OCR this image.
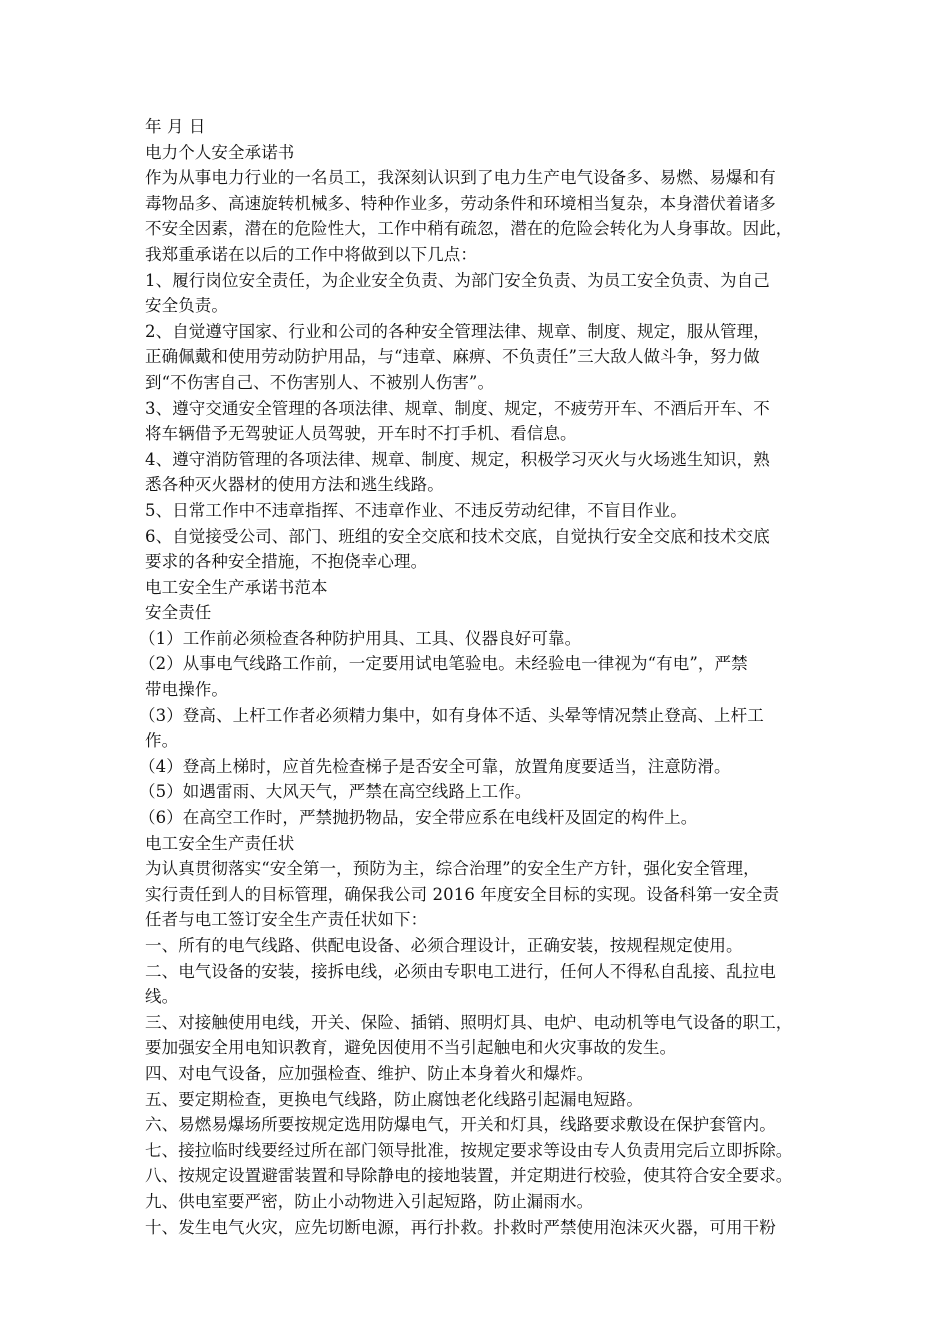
年 月 日
电力个人安全承诺书
作为从事电力行业的一名员工，我深刻认识到了电力生产电气设备多、易燃、易爆和有
毒物品多、高速旋转机械多、特种作业多，劳动条件和环境相当复杂，本身潜伏着诸多
不安全因素，潜在的危险性大，工作中稍有疏忽，潜在的危险会转化为人身事故。因此，
我郑重承诺在以后的工作中将做到以下几点：
1、履行岗位安全责任，为企业安全负责、为部门安全负责、为员工安全负责、为自己
安全负责。
2、自觉遵守国家、行业和公司的各种安全管理法律、规章、制度、规定，服从管理，
正确佩戴和使用劳动防护用品，与“违章、麻痹、不负责任”三大敌人做斗争，努力做
到“不伤害自己、不伤害别人、不被别人伤害”。
3、遵守交通安全管理的各项法律、规章、制度、规定，不疲劳开车、不酒后开车、不
将车辆借予无驾驶证人员驾驶，开车时不打手机、看信息。
4、遵守消防管理的各项法律、规章、制度、规定，积极学习灭火与火场逃生知识，熟
悉各种灭火器材的使用方法和逃生线路。
5、日常工作中不违章指挥、不违章作业、不违反劳动纪律，不盲目作业。
6、自觉接受公司、部门、班组的安全交底和技术交底，自觉执行安全交底和技术交底
要求的各种安全措施，不抱侥幸心理。
电工安全生产承诺书范本
安全责任
（1）工作前必须检查各种防护用具、工具、仪器良好可靠。
（2）从事电气线路工作前，一定要用试电笔验电。未经验电一律视为“有电”，严禁
带电操作。
（3）登高、上杆工作者必须精力集中，如有身体不适、头晕等情况禁止登高、上杆工
作。
（4）登高上梯时，应首先检查梯子是否安全可靠，放置角度要适当，注意防滑。
（5）如遇雷雨、大风天气，严禁在高空线路上工作。
（6）在高空工作时，严禁抛扔物品，安全带应系在电线杆及固定的构件上。
电工安全生产责任状
为认真贯彻落实“安全第一，预防为主，综合治理”的安全生产方针，强化安全管理，
实行责任到人的目标管理，确保我公司 2016 年度安全目标的实现。设备科第一安全责
任者与电工签订安全生产责任状如下：
一、所有的电气线路、供配电设备、必须合理设计，正确安装，按规程规定使用。
二、电气设备的安装，接拆电线，必须由专职电工进行，任何人不得私自乱接、乱拉电
线。
三、对接触使用电线，开关、保险、插销、照明灯具、电炉、电动机等电气设备的职工，
要加强安全用电知识教育，避免因使用不当引起触电和火灾事故的发生。
四、对电气设备，应加强检查、维护、防止本身着火和爆炸。
五、要定期检查，更换电气线路，防止腐蚀老化线路引起漏电短路。
六、易燃易爆场所要按规定选用防爆电气，开关和灯具，线路要求敷设在保护套管内。
七、接拉临时线要经过所在部门领导批准，按规定要求等设由专人负责用完后立即拆除。
八、按规定设置避雷装置和导除静电的接地装置，并定期进行校验，使其符合安全要求。
九、供电室要严密，防止小动物进入引起短路，防止漏雨水。
十、发生电气火灾，应先切断电源，再行扑救。扑救时严禁使用泡沫灭火器，可用干粉
